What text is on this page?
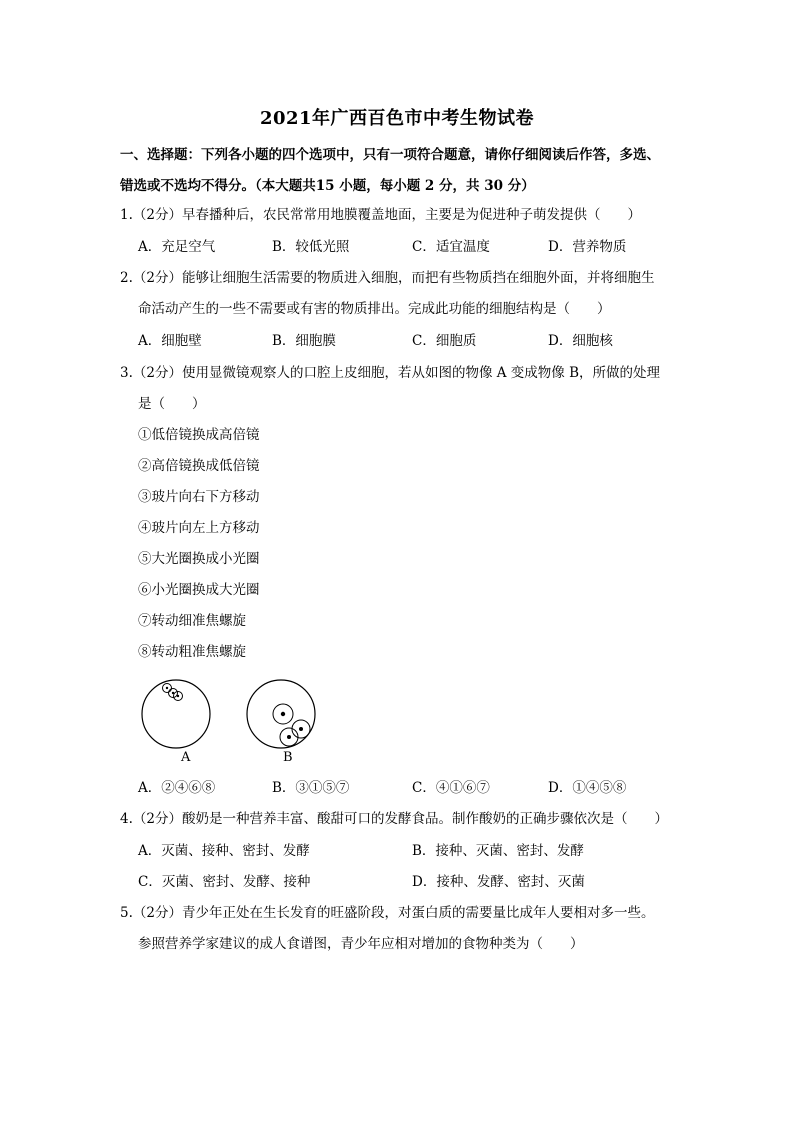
2021年广西百色市中考生物试卷
一、选择题：下列各小题的四个选项中，只有一项符合题意，请你仔细阅读后作答，多选、
错选或不选均不得分。（本大题共15 小题，每小题 2 分，共 30 分）
1.（2分）早春播种后，农民常常用地膜覆盖地面，主要是为促进种子萌发提供（　　）
A．充足空气	B．较低光照	C．适宜温度	D．营养物质
2.（2分）能够让细胞生活需要的物质进入细胞，而把有些物质挡在细胞外面，并将细胞生
命活动产生的一些不需要或有害的物质排出。完成此功能的细胞结构是（　　）
A．细胞壁	B．细胞膜	C．细胞质	D．细胞核
3.（2分）使用显微镜观察人的口腔上皮细胞，若从如图的物像 A 变成物像 B，所做的处理
是（　　）
①低倍镜换成高倍镜
②高倍镜换成低倍镜
③玻片向右下方移动
④玻片向左上方移动
⑤大光圈换成小光圈
⑥小光圈换成大光圈
⑦转动细准焦螺旋
⑧转动粗准焦螺旋
A	B
A．②④⑥⑧	B．③①⑤⑦	C．④①⑥⑦	D．①④⑤⑧
4.（2分）酸奶是一种营养丰富、酸甜可口的发酵食品。制作酸奶的正确步骤依次是（　　）
A．灭菌、接种、密封、发酵	B．接种、灭菌、密封、发酵
C．灭菌、密封、发酵、接种	D．接种、发酵、密封、灭菌
5.（2分）青少年正处在生长发育的旺盛阶段，对蛋白质的需要量比成年人要相对多一些。
参照营养学家建议的成人食谱图，青少年应相对增加的食物种类为（　　）
